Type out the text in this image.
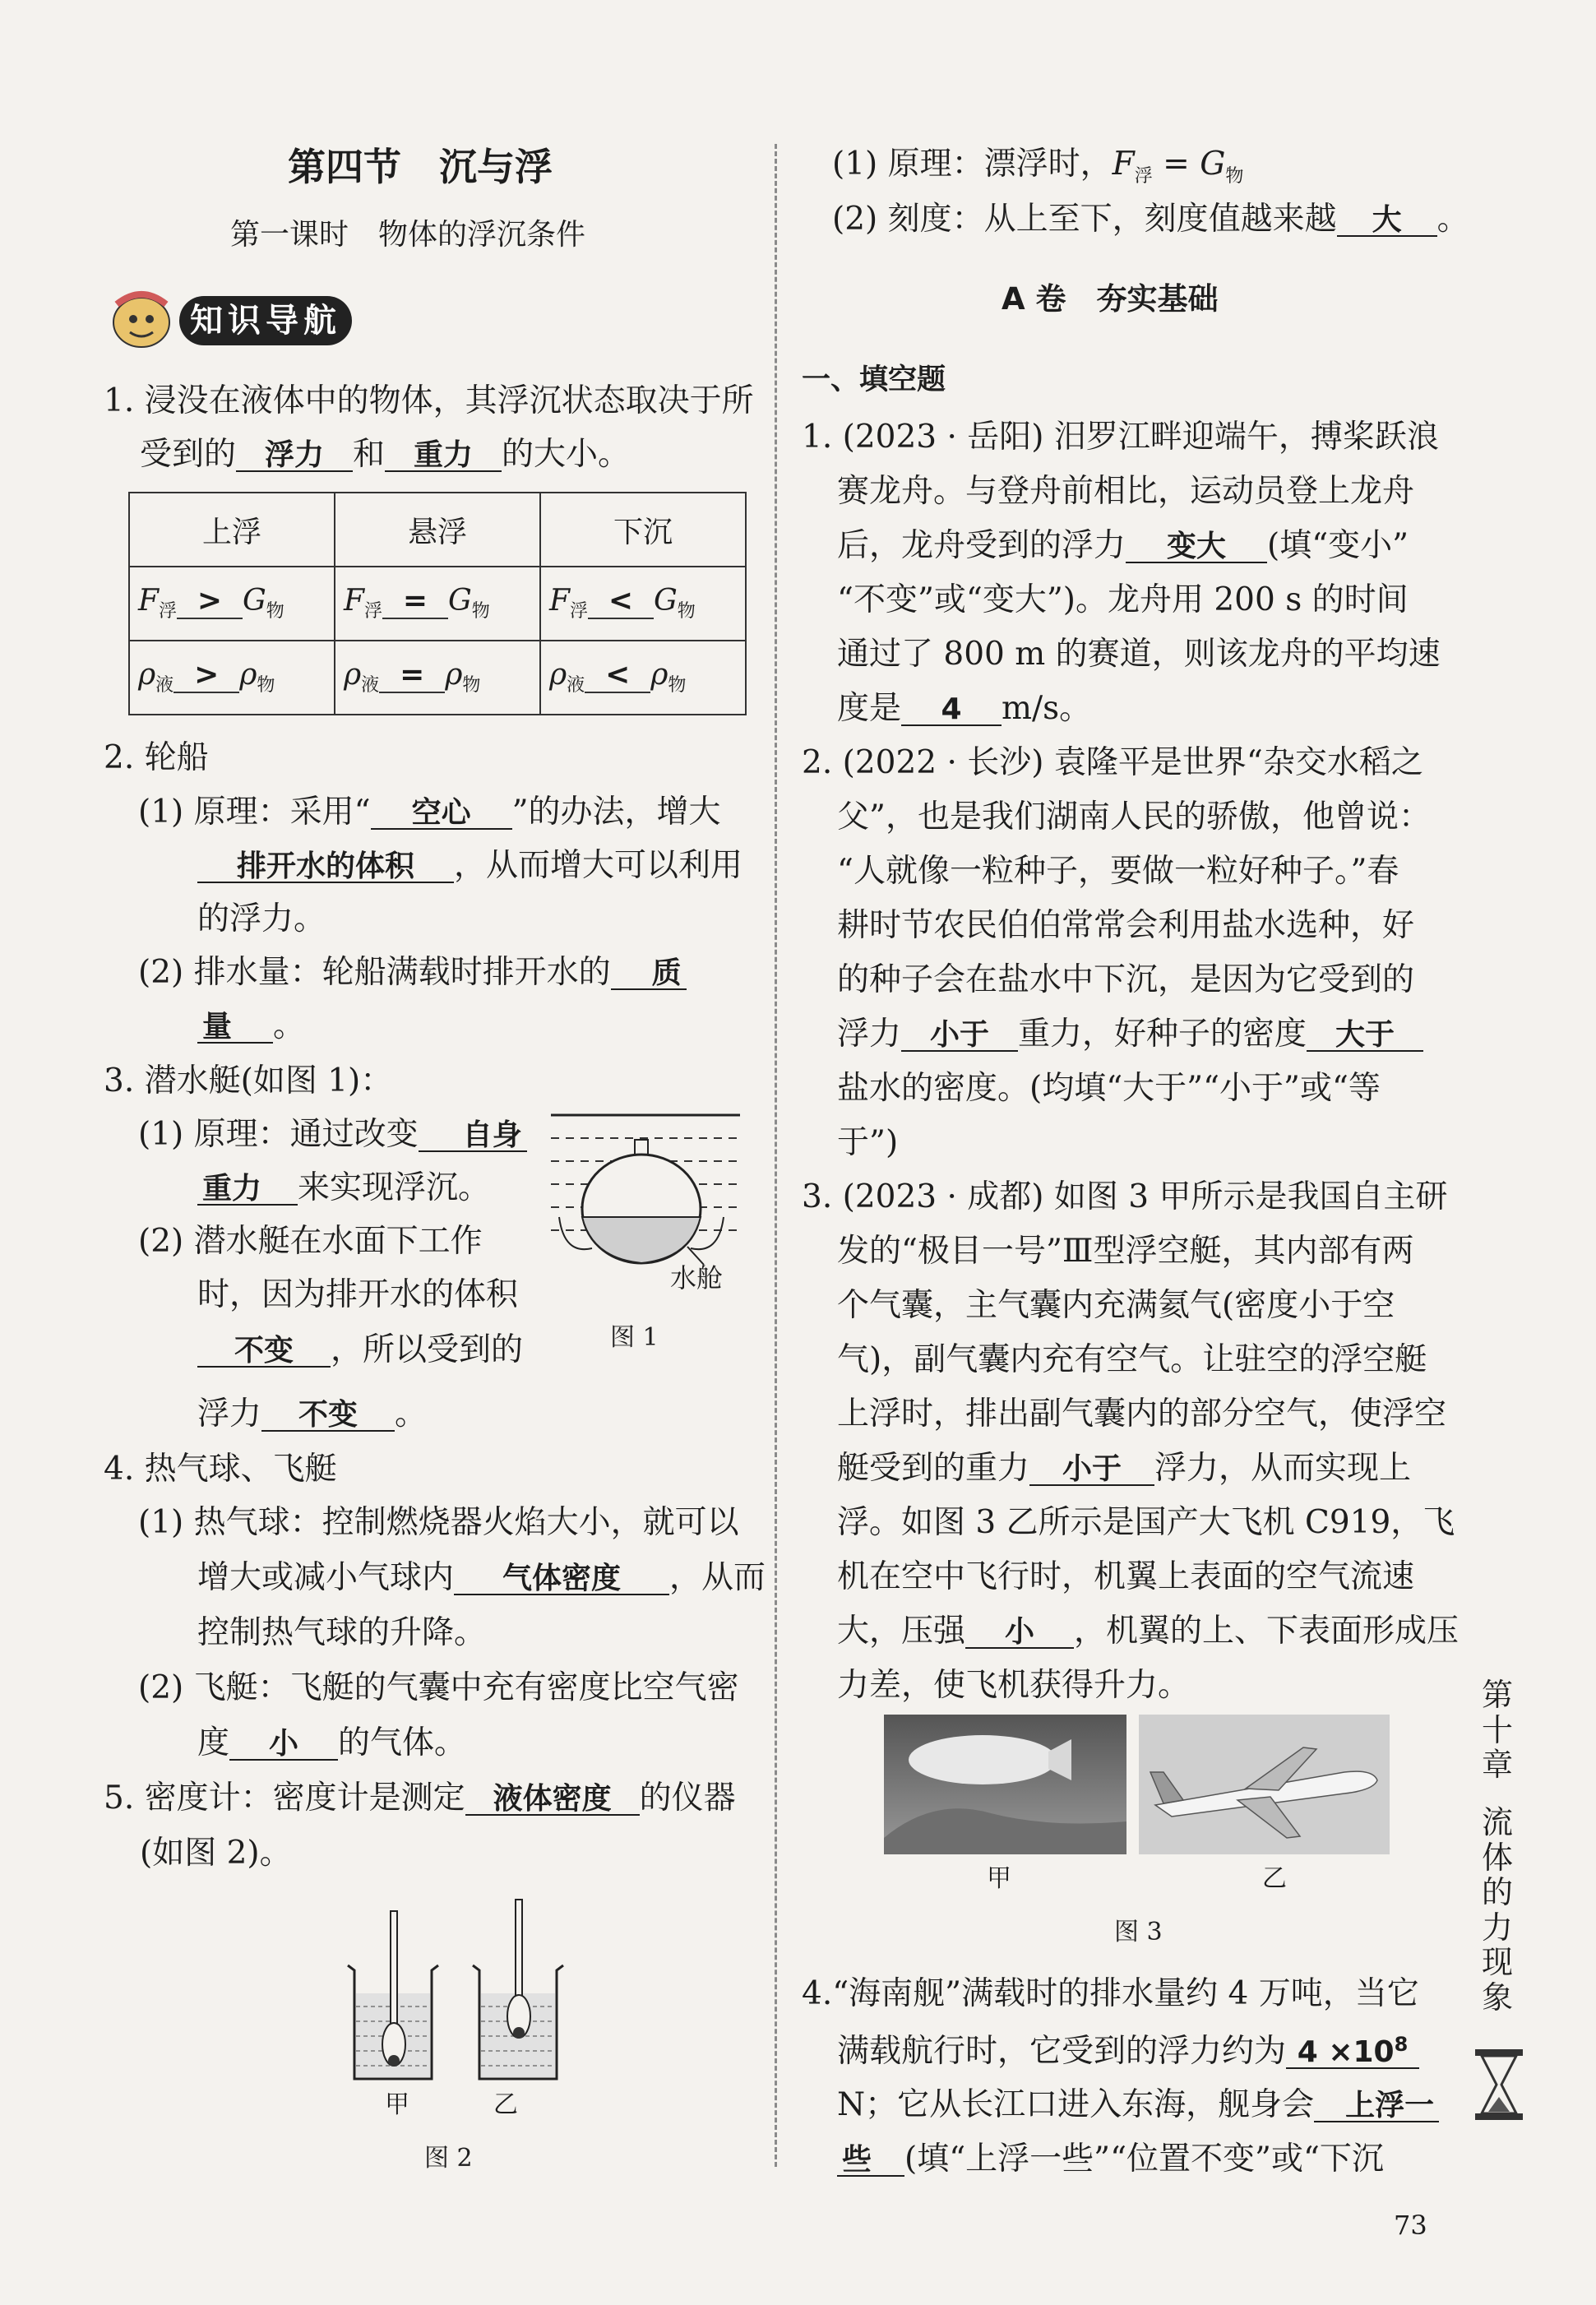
第四节　沉与浮
第一课时　物体的浮沉条件
知识导航
1. 浸没在液体中的物体，其浮沉状态取决于所
受到的 浮力 和 重力 的大小。
上浮	悬浮	下沉
$F_浮 > G_物$	$F_浮 = G_物$	$F_浮 < G_物$
$\rho_液 > \rho_物$	$\rho_液 = \rho_物$	$\rho_液 < \rho_物$
2. 轮船
(1) 原理：采用“ 空心 ”的办法，增大
排开水的体积 ，从而增大可以利用
的浮力。
(2) 排水量：轮船满载时排开水的 质
量 。
3. 潜水艇(如图 1)：
(1) 原理：通过改变 自身
重力 来实现浮沉。
(2) 潜水艇在水面下工作
时，因为排开水的体积
不变 ，所以受到的
浮力 不变 。
水舱
图 1
4. 热气球、飞艇
(1) 热气球：控制燃烧器火焰大小，就可以
增大或减小气球内 气体密度 ，从而
控制热气球的升降。
(2) 飞艇：飞艇的气囊中充有密度比空气密
度 小 的气体。
5. 密度计：密度计是测定 液体密度 的仪器
(如图 2)。
甲	乙
图 2
(1) 原理：漂浮时，$F_浮 = G_物$
(2) 刻度：从上至下，刻度值越来越 大 。
A 卷　夯实基础
一、填空题
1. (2023 · 岳阳) 汨罗江畔迎端午，搏桨跃浪
赛龙舟。与登舟前相比，运动员登上龙舟
后，龙舟受到的浮力 变大 (填“变小”
“不变”或“变大”)。龙舟用 200 s 的时间
通过了 800 m 的赛道，则该龙舟的平均速
度是 4 m/s。
2. (2022 · 长沙) 袁隆平是世界“杂交水稻之
父”，也是我们湖南人民的骄傲，他曾说：
“人就像一粒种子，要做一粒好种子。”春
耕时节农民伯伯常常会利用盐水选种，好
的种子会在盐水中下沉，是因为它受到的
浮力 小于 重力，好种子的密度 大于
盐水的密度。(均填“大于”“小于”或“等
于”)
3. (2023 · 成都) 如图 3 甲所示是我国自主研
发的“极目一号”Ⅲ型浮空艇，其内部有两
个气囊，主气囊内充满氦气(密度小于空
气)，副气囊内充有空气。让驻空的浮空艇
上浮时，排出副气囊内的部分空气，使浮空
艇受到的重力 小于 浮力，从而实现上
浮。如图 3 乙所示是国产大飞机 C919，飞
机在空中飞行时，机翼上表面的空气流速
大，压强 小 ，机翼的上、下表面形成压
力差，使飞机获得升力。
甲	乙
图 3
4.“海南舰”满载时的排水量约 4 万吨，当它
满载航行时，它受到的浮力约为 $4 \times 10^8$
N；它从长江口进入东海，舰身会 上浮一
些 (填“上浮一些”“位置不变”或“下沉
第十章
流体的力现象
73
